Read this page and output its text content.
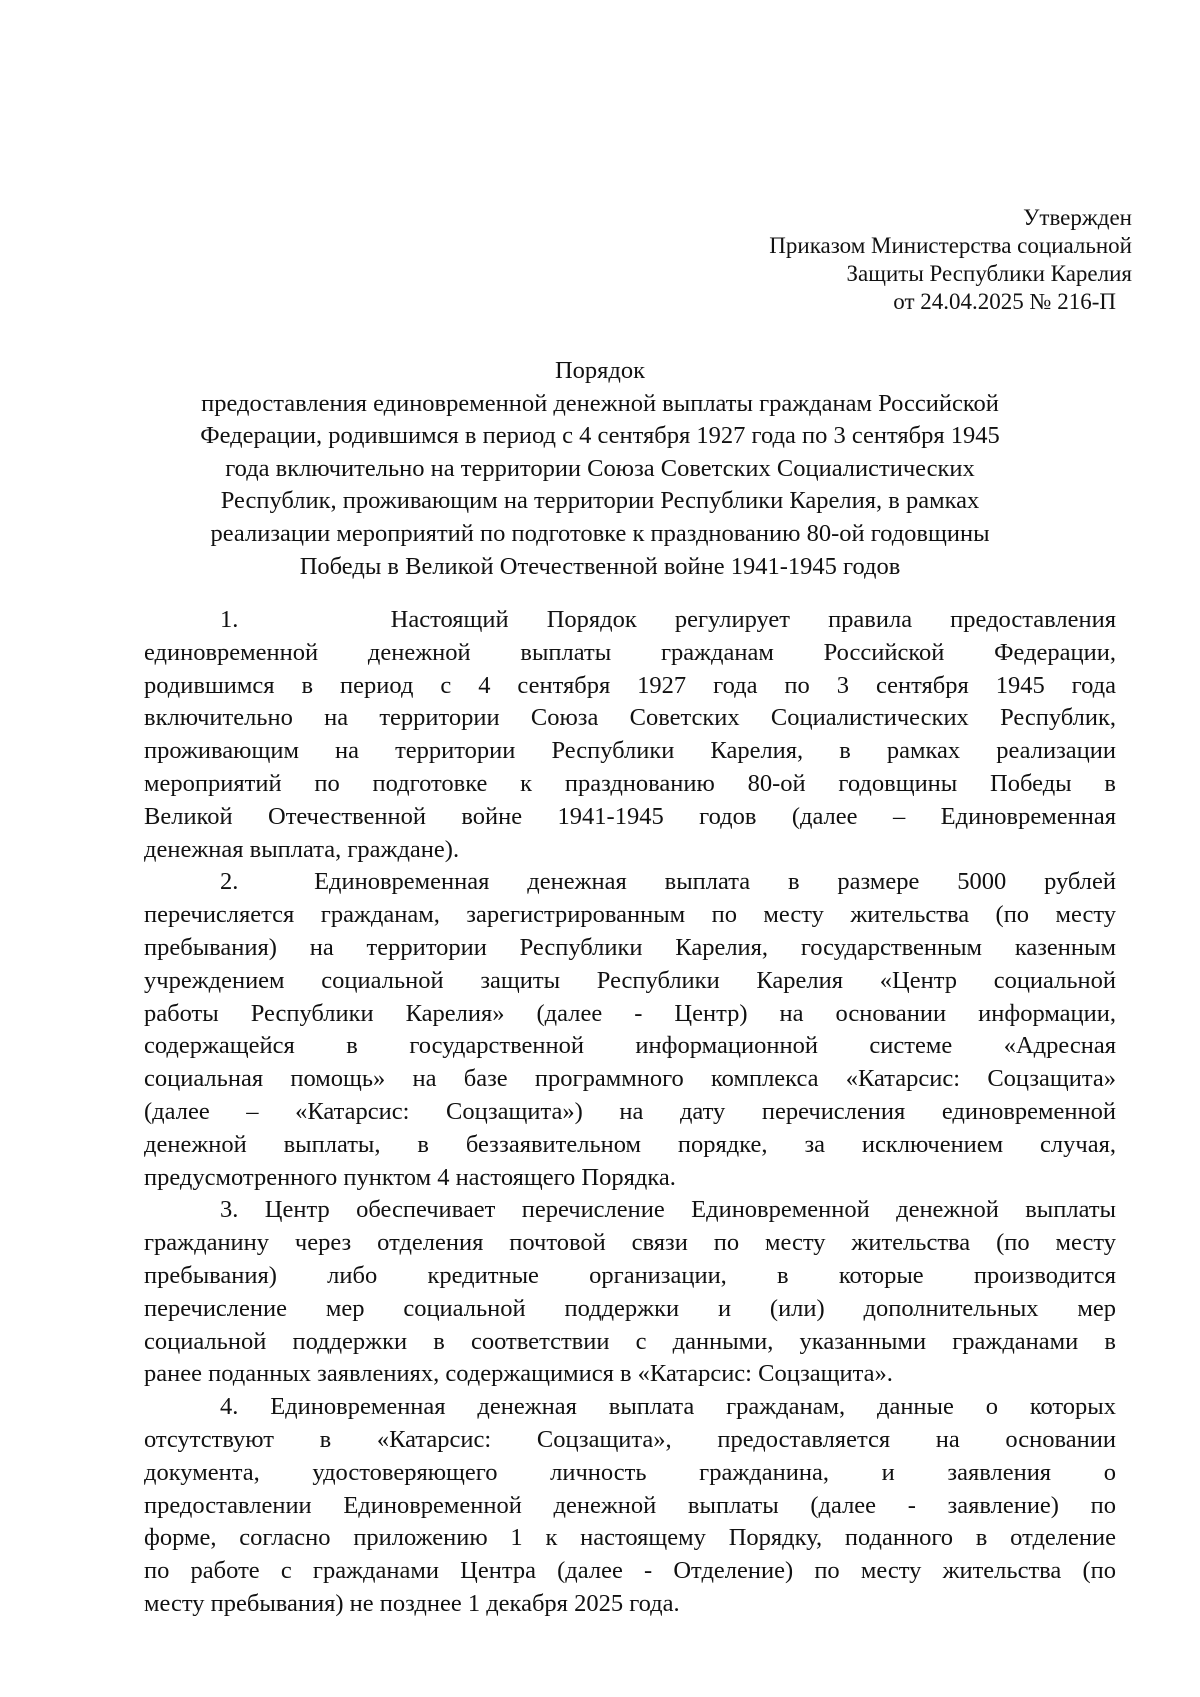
Утвержден
Приказом Министерства социальной
Защиты Республики Карелия
от 24.04.2025 № 216-П
Порядок
предоставления единовременной денежной выплаты гражданам Российской
Федерации, родившимся в период с 4 сентября 1927 года по 3 сентября 1945
года включительно на территории Союза Советских Социалистических
Республик, проживающим на территории Республики Карелия, в рамках
реализации мероприятий по подготовке к празднованию 80-ой годовщины
Победы в Великой Отечественной войне 1941-1945 годов
1.    Настоящий Порядок регулирует правила предоставления
единовременной денежной выплаты гражданам Российской Федерации,
родившимся в период с 4 сентября 1927 года по 3 сентября 1945 года
включительно на территории Союза Советских Социалистических Республик,
проживающим на территории Республики Карелия, в рамках реализации
мероприятий по подготовке к празднованию 80-ой годовщины Победы в
Великой Отечественной войне 1941-1945 годов (далее – Единовременная
денежная выплата, граждане).
2.  Единовременная денежная выплата в размере 5000 рублей
перечисляется гражданам, зарегистрированным по месту жительства (по месту
пребывания) на территории Республики Карелия, государственным казенным
учреждением социальной защиты Республики Карелия «Центр социальной
работы Республики Карелия» (далее - Центр) на основании информации,
содержащейся в государственной информационной системе «Адресная
социальная помощь» на базе программного комплекса «Катарсис: Соцзащита»
(далее – «Катарсис: Соцзащита») на дату перечисления единовременной
денежной выплаты, в беззаявительном порядке, за исключением случая,
предусмотренного пунктом 4 настоящего Порядка.
3. Центр обеспечивает перечисление Единовременной денежной выплаты
гражданину через отделения почтовой связи по месту жительства (по месту
пребывания) либо кредитные организации, в которые производится
перечисление мер социальной поддержки и (или) дополнительных мер
социальной поддержки в соответствии с данными, указанными гражданами в
ранее поданных заявлениях, содержащимися в «Катарсис: Соцзащита».
4. Единовременная денежная выплата гражданам, данные о которых
отсутствуют в «Катарсис: Соцзащита», предоставляется на основании
документа, удостоверяющего личность гражданина, и заявления о
предоставлении Единовременной денежной выплаты (далее - заявление) по
форме, согласно приложению 1 к настоящему Порядку, поданного в отделение
по работе с гражданами Центра (далее - Отделение) по месту жительства (по
месту пребывания) не позднее 1 декабря 2025 года.
